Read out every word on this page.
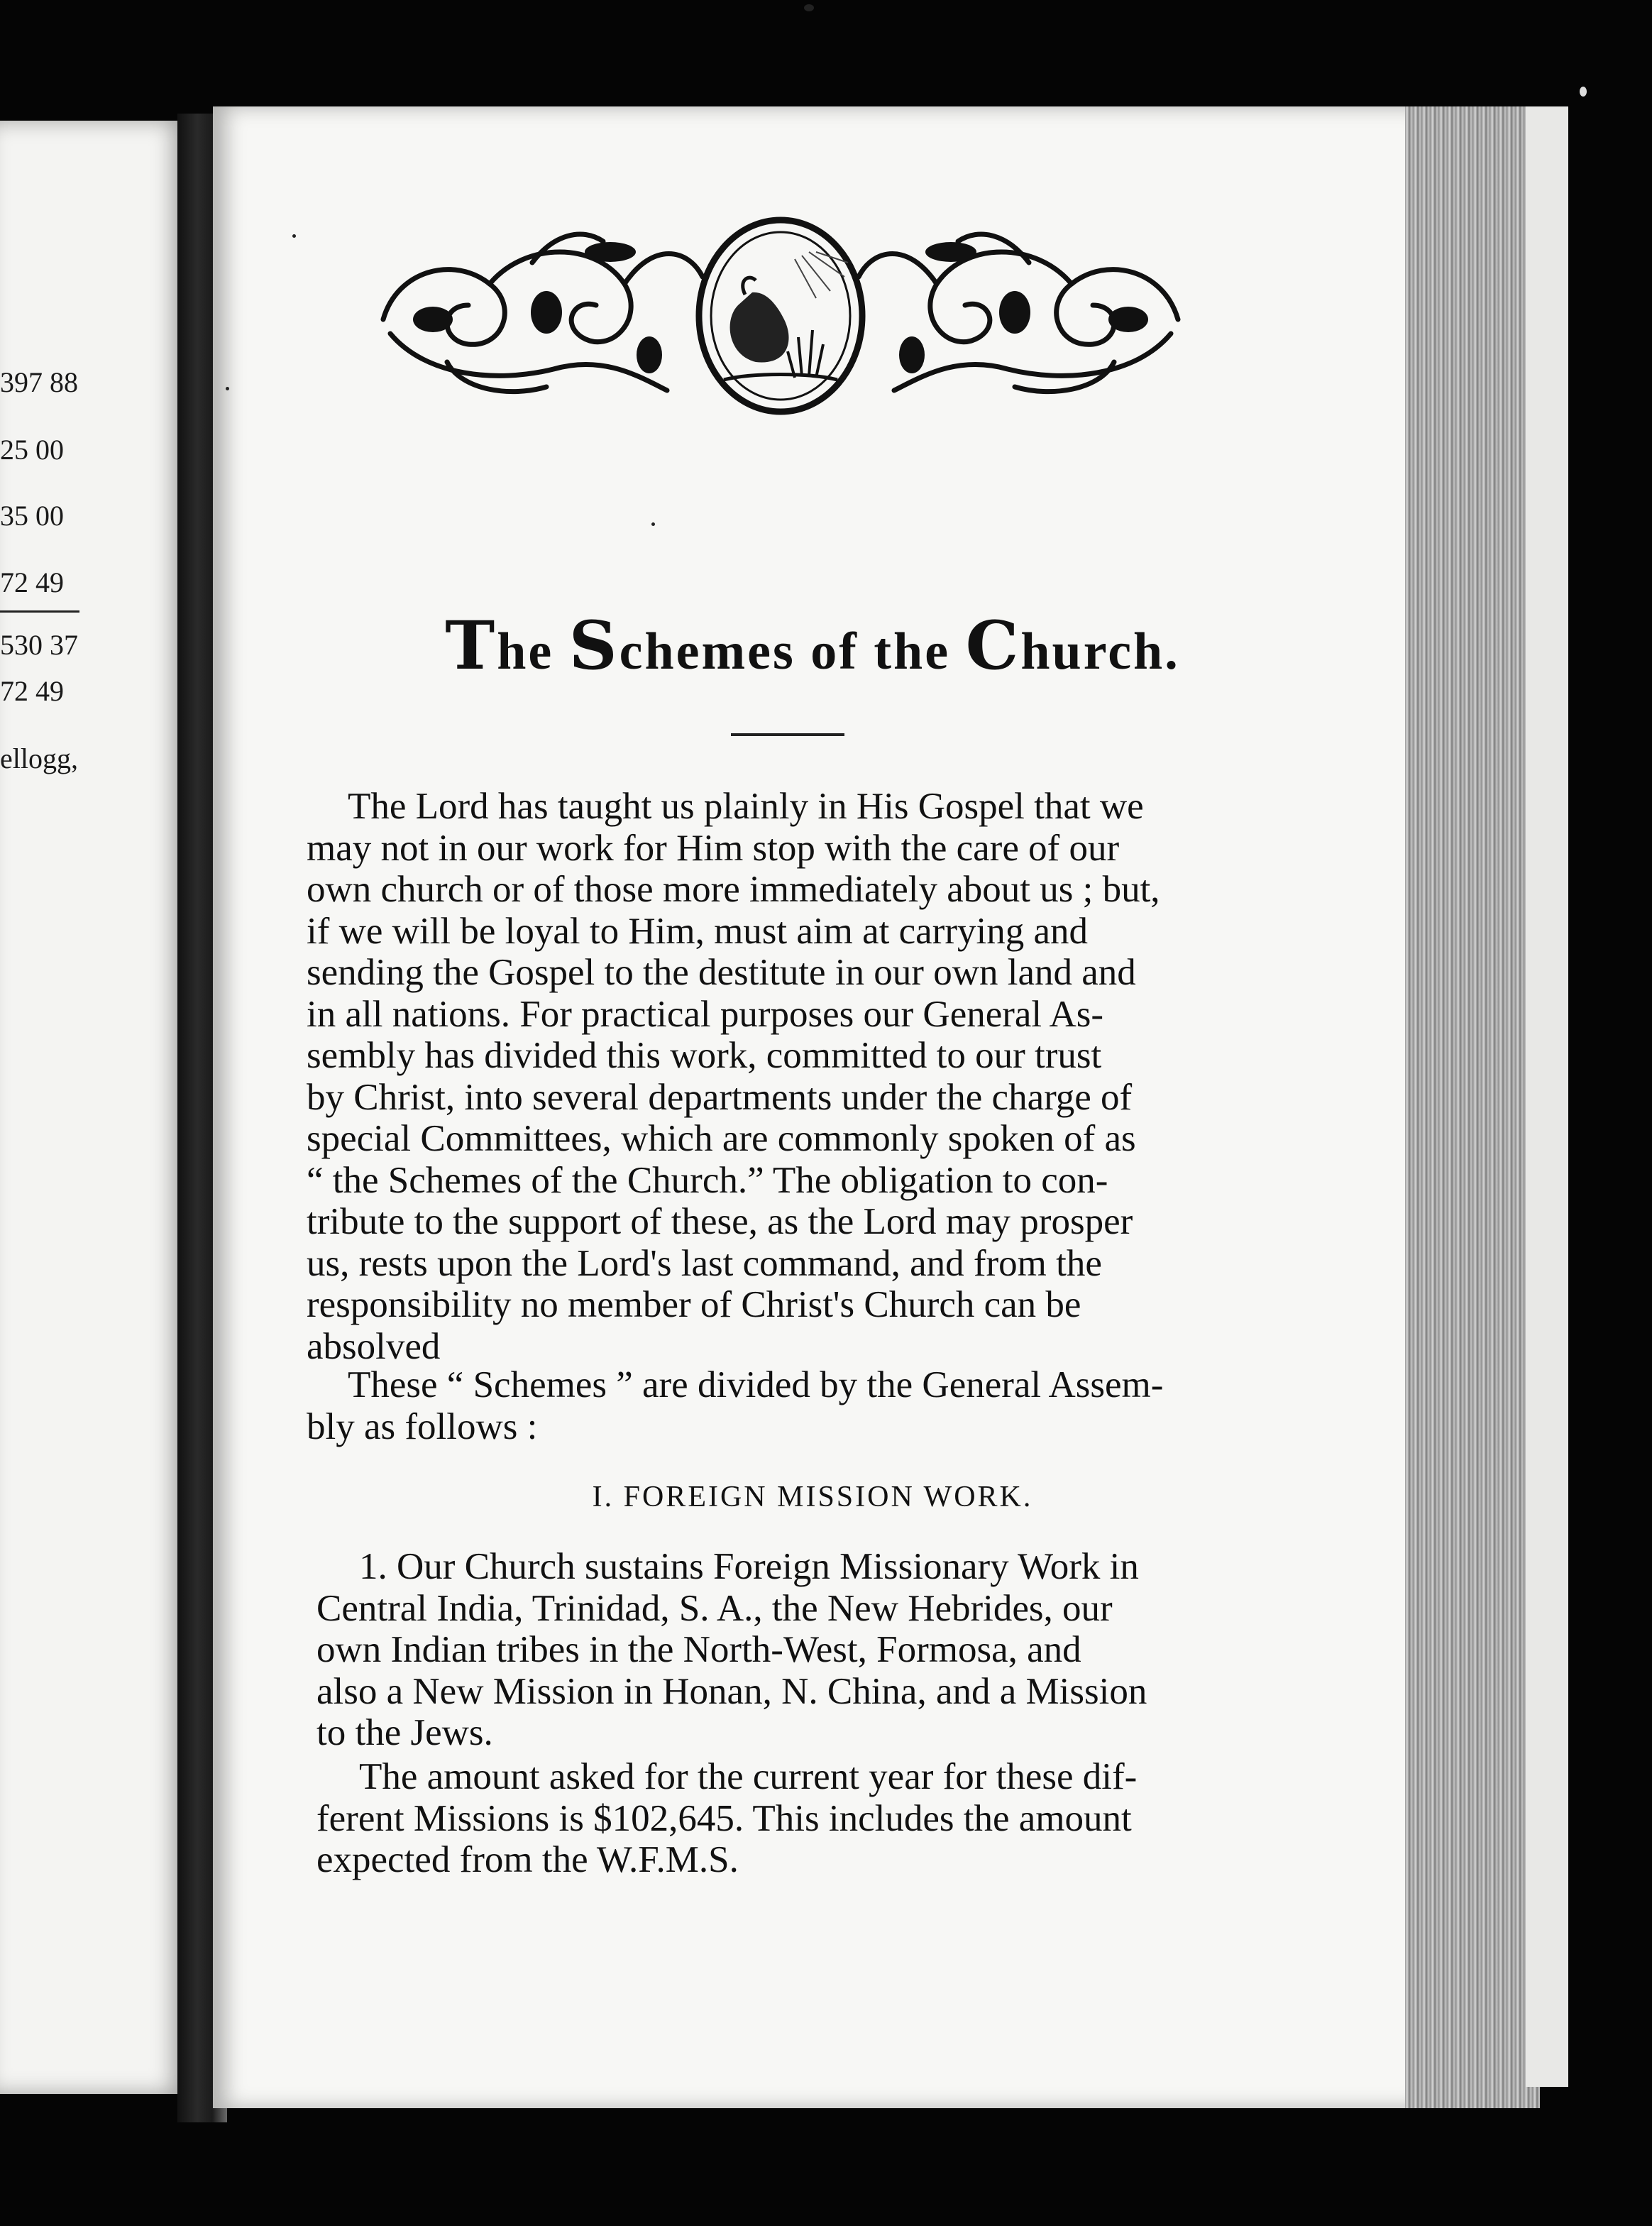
397 88
25 00
35 00
72 49
530 37
72 49
ellogg,
The Schemes of the Church.
The Lord has taught us plainly in His Gospel that we
may not in our work for Him stop with the care of our
own church or of those more immediately about us ; but,
if we will be loyal to Him, must aim at carrying and
sending the Gospel to the destitute in our own land and
in all nations. For practical purposes our General As-
sembly has divided this work, committed to our trust
by Christ, into several departments under the charge of
special Committees, which are commonly spoken of as
“ the Schemes of the Church.” The obligation to con-
tribute to the support of these, as the Lord may prosper
us, rests upon the Lord's last command, and from the
responsibility no member of Christ's Church can be
absolved
These “ Schemes ” are divided by the General Assem-
bly as follows :
I. FOREIGN MISSION WORK.
1. Our Church sustains Foreign Missionary Work in
Central India, Trinidad, S. A., the New Hebrides, our
own Indian tribes in the North-West, Formosa, and
also a New Mission in Honan, N. China, and a Mission
to the Jews.
The amount asked for the current year for these dif-
ferent Missions is $102,645. This includes the amount
expected from the W.F.M.S.
